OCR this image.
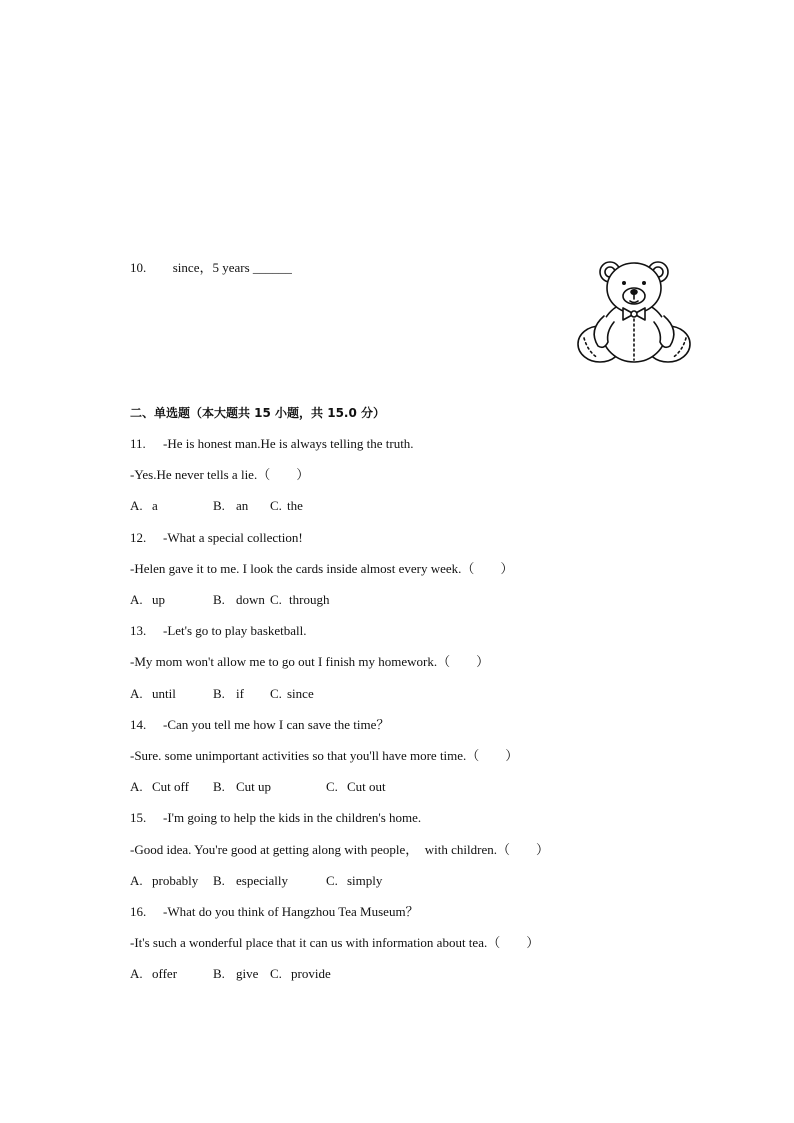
10. since，5 years ______
二、单选题（本大题共 15 小题，共 15.0 分）
11. -He is honest man.He is always telling the truth.
-Yes.He never tells a lie.（　　）
A. a	B. an C. the
12. -What a special collection!
-Helen gave it to me. I look the cards inside almost every week.（　　）
A. up	B. down C. through
13. -Let's go to play basketball.
-My mom won't allow me to go out I finish my homework.（　　）
A. until	B. if C. since
14. -Can you tell me how I can save the time？
-Sure. some unimportant activities so that you'll have more time.（　　）
A. Cut off B. Cut up	C. Cut out
15. -I'm going to help the kids in the children's home.
-Good idea. You're good at getting along with people，　with children.（　　）
A. probably B. especially	C. simply
16. -What do you think of Hangzhou Tea Museum？
-It's such a wonderful place that it can us with information about tea.（　　）
A. offer	B. give C. provide
